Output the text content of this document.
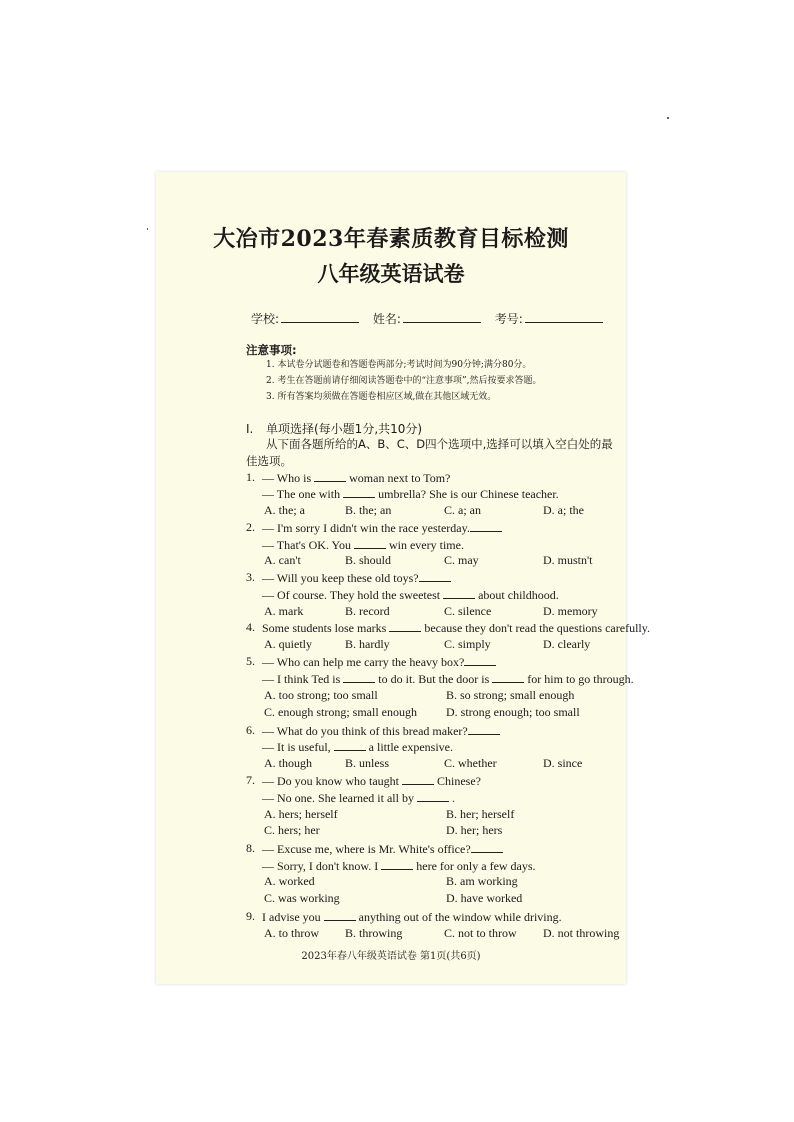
大冶市2023年春素质教育目标检测
八年级英语试卷
学校:	姓名:	考号:
注意事项:
1. 本试卷分试题卷和答题卷两部分;考试时间为90分钟;满分80分。
2. 考生在答题前请仔细阅读答题卷中的“注意事项”,然后按要求答题。
3. 所有答案均须做在答题卷相应区域,做在其他区域无效。
I. 单项选择(每小题1分,共10分)
从下面各题所给的A、B、C、D四个选项中,选择可以填入空白处的最
佳选项。
1. — Who is	woman next to Tom?
— The one with	umbrella? She is our Chinese teacher.
A. the; a	B. the; an	C. a; an	D. a; the
2. — I'm sorry I didn't win the race yesterday.
— That's OK. You	win every time.
A. can't	B. should	C. may	D. mustn't
3. — Will you keep these old toys?
— Of course. They hold the sweetest	about childhood.
A. mark	B. record	C. silence	D. memory
4. Some students lose marks	because they don't read the questions carefully.
A. quietly	B. hardly	C. simply	D. clearly
5. — Who can help me carry the heavy box?
— I think Ted is	to do it. But the door is	for him to go through.
A. too strong; too small	B. so strong; small enough
C. enough strong; small enough D. strong enough; too small
6. — What do you think of this bread maker?
— It is useful,	a little expensive.
A. though	B. unless	C. whether	D. since
7. — Do you know who taught	Chinese?
— No one. She learned it all by	.
A. hers; herself	B. her; herself
C. hers; her	D. her; hers
8. — Excuse me, where is Mr. White's office?
— Sorry, I don't know. I	here for only a few days.
A. worked	B. am working
C. was working	D. have worked
9. I advise you	anything out of the window while driving.
A. to throw B. throwing	C. not to throw D. not throwing
2023年春八年级英语试卷 第1页(共6页)
